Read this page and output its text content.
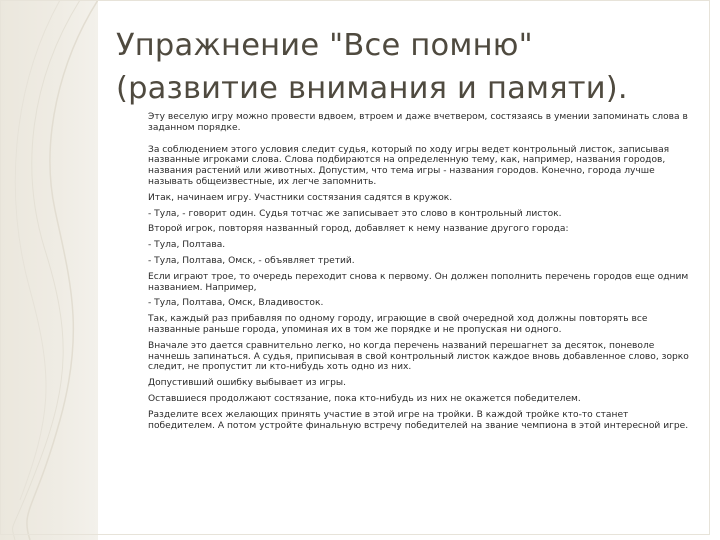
Упражнение "Все помню"
(развитие внимания и памяти).
Эту веселую игру можно провести вдвоем, втроем и даже вчетвером, состязаясь в умении запоминать слова в заданном порядке.
За соблюдением этого условия следит судья, который по ходу игры ведет контрольный листок, записывая названные игроками слова. Слова подбираются на определенную тему, как, например, названия городов, названия растений или животных. Допустим, что тема игры - названия городов. Конечно, города лучше называть общеизвестные, их легче запомнить.
Итак, начинаем игру. Участники состязания садятся в кружок.
- Тула, - говорит один. Судья тотчас же записывает это слово в контрольный листок.
Второй игрок, повторяя названный город, добавляет к нему название другого города:
- Тула, Полтава.
- Тула, Полтава, Омск, - объявляет третий.
Если играют трое, то очередь переходит снова к первому. Он должен пополнить перечень городов еще одним названием. Например,
- Тула, Полтава, Омск, Владивосток.
Так, каждый раз прибавляя по одному городу, играющие в свой очередной ход должны повторять все названные раньше города, упоминая их в том же порядке и не пропуская ни одного.
Вначале это дается сравнительно легко, но когда перечень названий перешагнет за десяток, поневоле начнешь запинаться. А судья, приписывая в свой контрольный листок каждое вновь добавленное слово, зорко следит, не пропустит ли кто-нибудь хоть одно из них.
Допустивший ошибку выбывает из игры.
Оставшиеся продолжают состязание, пока кто-нибудь из них не окажется победителем.
Разделите всех желающих принять участие в этой игре на тройки. В каждой тройке кто-то станет победителем. А потом устройте финальную встречу победителей на звание чемпиона в этой интересной игре.
